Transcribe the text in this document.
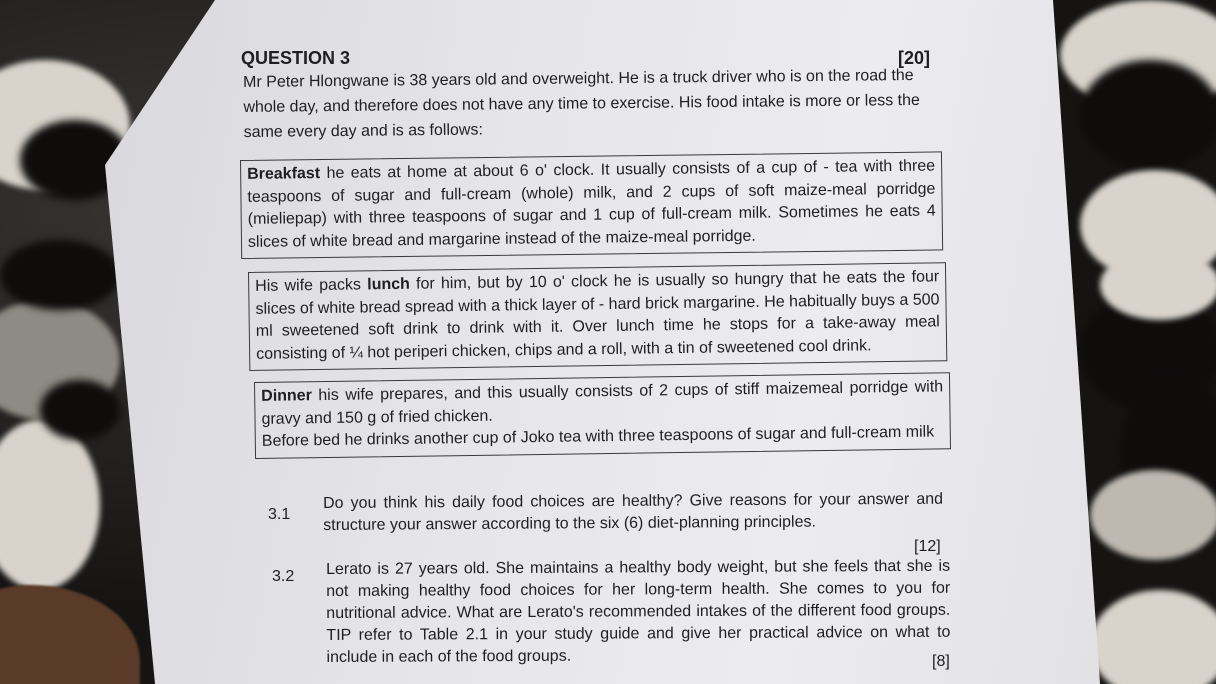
QUESTION 3	[20]
Mr Peter Hlongwane is 38 years old and overweight. He is a truck driver who is on the road the whole day, and therefore does not have any time to exercise. His food intake is more or less the same every day and is as follows:

Breakfast he eats at home at about 6 o' clock. It usually consists of a cup of - tea with three teaspoons of sugar and full-cream (whole) milk, and 2 cups of soft maize-meal porridge (mieliepap) with three teaspoons of sugar and 1 cup of full-cream milk. Sometimes he eats 4 slices of white bread and margarine instead of the maize-meal porridge.

His wife packs lunch for him, but by 10 o' clock he is usually so hungry that he eats the four slices of white bread spread with a thick layer of - hard brick margarine. He habitually buys a 500 ml sweetened soft drink to drink with it. Over lunch time he stops for a take-away meal consisting of ¼ hot periperi chicken, chips and a roll, with a tin of sweetened cool drink.

Dinner his wife prepares, and this usually consists of 2 cups of stiff maizemeal porridge with gravy and 150 g of fried chicken.

Before bed he drinks another cup of Joko tea with three teaspoons of sugar and full-cream milk

3.1
Do you think his daily food choices are healthy? Give reasons for your answer and structure your answer according to the six (6) diet-planning principles.
[12]
3.2 Lerato is 27 years old. She maintains a healthy body weight, but she feels that she is not making healthy food choices for her long-term health. She comes to you for nutritional advice. What are Lerato's recommended intakes of the different food groups. TIP refer to Table 2.1 in your study guide and give her practical advice on what to include in each of the food groups.	[8]
